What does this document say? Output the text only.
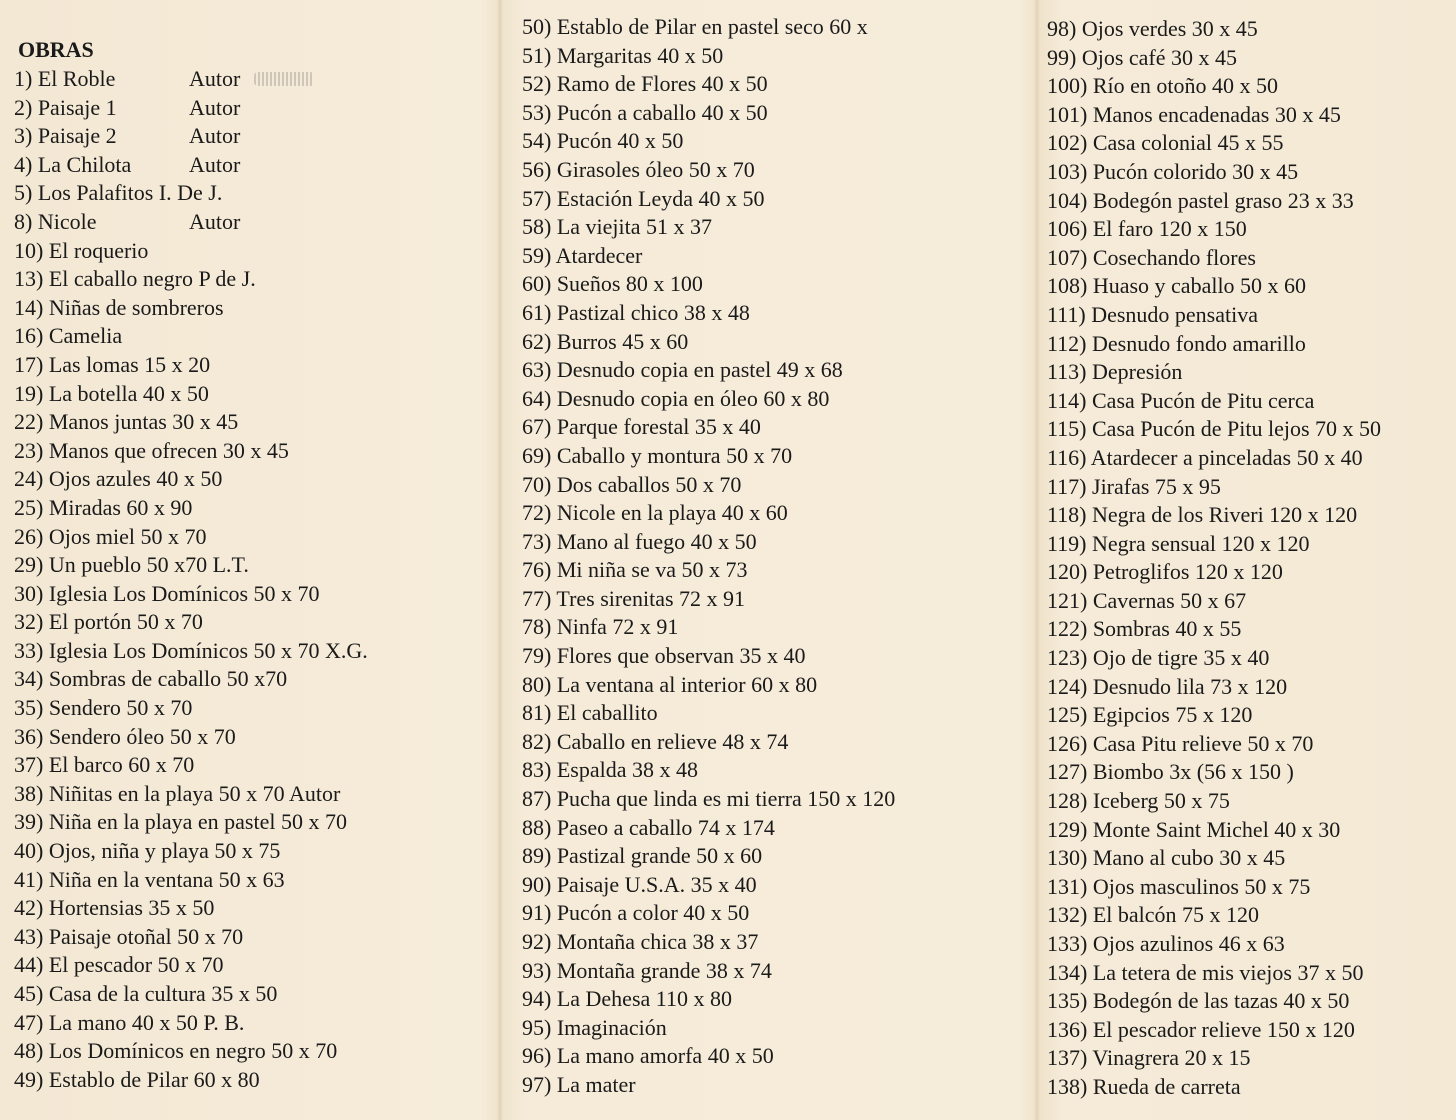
OBRAS
1) El Roble	Autor
2) Paisaje 1	Autor
3) Paisaje 2	Autor
4) La Chilota	Autor
5) Los Palafitos I. De J.
8) Nicole	Autor
10) El roquerio
13) El caballo negro P de J.
14) Niñas de sombreros
16) Camelia
17) Las lomas 15 x 20
19) La botella 40 x 50
22) Manos juntas 30 x 45
23) Manos que ofrecen 30 x 45
24) Ojos azules 40 x 50
25) Miradas 60 x 90
26) Ojos miel 50 x 70
29) Un pueblo 50 x70 L.T.
30) Iglesia Los Domínicos 50 x 70
32) El portón 50 x 70
33) Iglesia Los Domínicos 50 x 70 X.G.
34) Sombras de caballo 50 x70
35) Sendero 50 x 70
36) Sendero óleo 50 x 70
37) El barco 60 x 70
38) Niñitas en la playa 50 x 70 Autor
39) Niña en la playa en pastel 50 x 70
40) Ojos, niña y playa 50 x 75
41) Niña en la ventana 50 x 63
42) Hortensias 35 x 50
43) Paisaje otoñal 50 x 70
44) El pescador 50 x 70
45) Casa de la cultura 35 x 50
47) La mano 40 x 50 P. B.
48) Los Domínicos en negro 50 x 70
49) Establo de Pilar 60 x 80
50) Establo de Pilar en pastel seco 60 x
51) Margaritas 40 x 50
52) Ramo de Flores 40 x 50
53) Pucón a caballo 40 x 50
54) Pucón 40 x 50
56) Girasoles óleo 50 x 70
57) Estación Leyda 40 x 50
58) La viejita 51 x 37
59) Atardecer
60) Sueños 80 x 100
61) Pastizal chico 38 x 48
62) Burros 45 x 60
63) Desnudo copia en pastel 49 x 68
64) Desnudo copia en óleo 60 x 80
67) Parque forestal 35 x 40
69) Caballo y montura 50 x 70
70) Dos caballos 50 x 70
72) Nicole en la playa 40 x 60
73) Mano al fuego 40 x 50
76) Mi niña se va 50 x 73
77) Tres sirenitas 72 x 91
78) Ninfa 72 x 91
79) Flores que observan 35 x 40
80) La ventana al interior 60 x 80
81) El caballito
82) Caballo en relieve 48 x 74
83) Espalda 38 x 48
87) Pucha que linda es mi tierra 150 x 120
88) Paseo a caballo 74 x 174
89) Pastizal grande 50 x 60
90) Paisaje U.S.A. 35 x 40
91) Pucón a color 40 x 50
92) Montaña chica 38 x 37
93) Montaña grande 38 x 74
94) La Dehesa 110 x 80
95) Imaginación
96) La mano amorfa 40 x 50
97) La mater
98) Ojos verdes 30 x 45
99) Ojos café 30 x 45
100) Río en otoño 40 x 50
101) Manos encadenadas 30 x 45
102) Casa colonial 45 x 55
103) Pucón colorido 30 x 45
104) Bodegón pastel graso 23 x 33
106) El faro 120 x 150
107) Cosechando flores
108) Huaso y caballo 50 x 60
111) Desnudo pensativa
112) Desnudo fondo amarillo
113) Depresión
114) Casa Pucón de Pitu cerca
115) Casa Pucón de Pitu lejos 70 x 50
116) Atardecer a pinceladas 50 x 40
117) Jirafas 75 x 95
118) Negra de los Riveri 120 x 120
119) Negra sensual 120 x 120
120) Petroglifos 120 x 120
121) Cavernas 50 x 67
122) Sombras 40 x 55
123) Ojo de tigre 35 x 40
124) Desnudo lila 73 x 120
125) Egipcios 75 x 120
126) Casa Pitu relieve 50 x 70
127) Biombo 3x (56 x 150 )
128) Iceberg 50 x 75
129) Monte Saint Michel 40 x 30
130) Mano al cubo 30 x 45
131) Ojos masculinos 50 x 75
132) El balcón 75 x 120
133) Ojos azulinos 46 x 63
134) La tetera de mis viejos 37 x 50
135) Bodegón de las tazas 40 x 50
136) El pescador relieve 150 x 120
137) Vinagrera 20 x 15
138) Rueda de carreta
